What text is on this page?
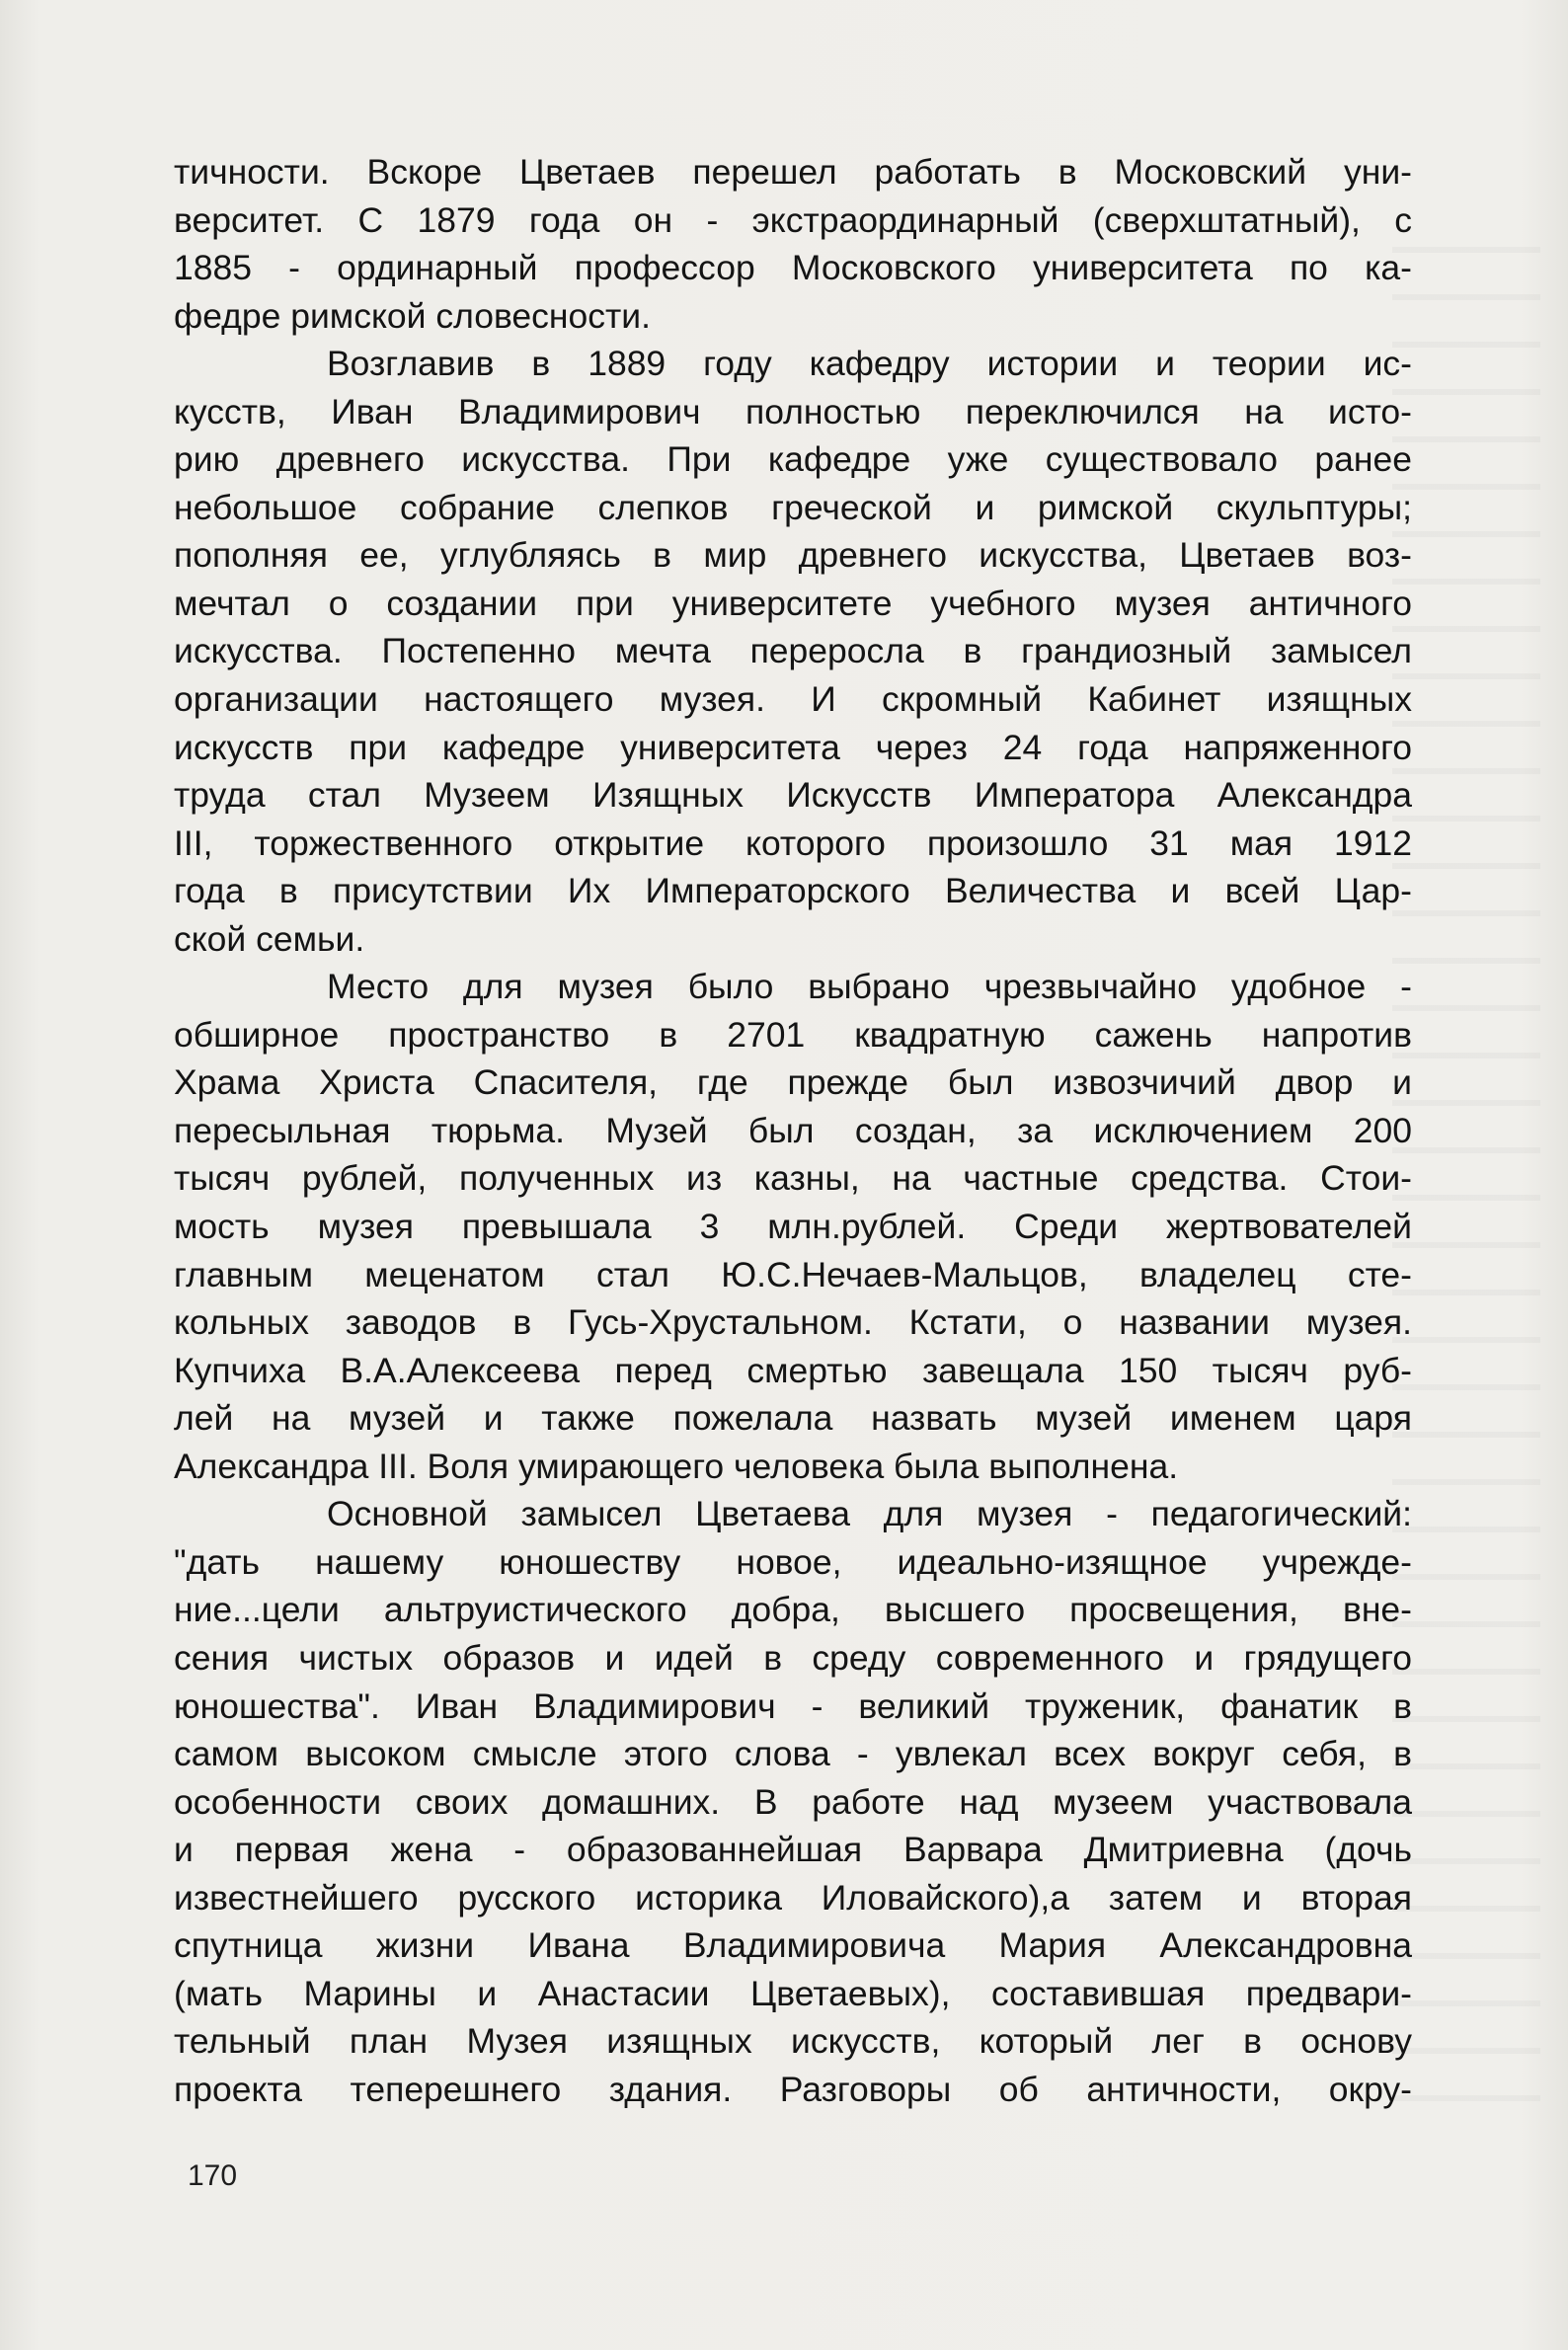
тичности. Вскоре Цветаев перешел работать в Московский уни-
верситет. С 1879 года он - экстраординарный (сверхштатный), с
1885 - ординарный профессор Московского университета по ка-
федре римской словесности.
Возглавив в 1889 году кафедру истории и теории ис-
кусств, Иван Владимирович полностью переключился на исто-
рию древнего искусства. При кафедре уже существовало ранее
небольшое собрание слепков греческой и римской скульптуры;
пополняя ее, углубляясь в мир древнего искусства, Цветаев воз-
мечтал о создании при университете учебного музея античного
искусства. Постепенно мечта переросла в грандиозный замысел
организации настоящего музея. И скромный Кабинет изящных
искусств при кафедре университета через 24 года напряженного
труда стал Музеем Изящных Искусств Императора Александра
III, торжественного открытие которого произошло 31 мая 1912
года в присутствии Их Императорского Величества и всей Цар-
ской семьи.
Место для музея было выбрано чрезвычайно удобное -
обширное пространство в 2701 квадратную сажень напротив
Храма Христа Спасителя, где прежде был извозчичий двор и
пересыльная тюрьма. Музей был создан, за исключением 200
тысяч рублей, полученных из казны, на частные средства. Стои-
мость музея превышала 3 млн.рублей. Среди жертвователей
главным меценатом стал Ю.С.Нечаев-Мальцов, владелец сте-
кольных заводов в Гусь-Хрустальном. Кстати, о названии музея.
Купчиха В.А.Алексеева перед смертью завещала 150 тысяч руб-
лей на музей и также пожелала назвать музей именем царя
Александра III. Воля умирающего человека была выполнена.
Основной замысел Цветаева для музея - педагогический:
"дать нашему юношеству новое, идеально-изящное учрежде-
ние...цели альтруистического добра, высшего просвещения, вне-
сения чистых образов и идей в среду современного и грядущего
юношества". Иван Владимирович - великий труженик, фанатик в
самом высоком смысле этого слова - увлекал всех вокруг себя, в
особенности своих домашних. В работе над музеем участвовала
и первая жена - образованнейшая Варвара Дмитриевна (дочь
известнейшего русского историка Иловайского),а затем и вторая
спутница жизни Ивана Владимировича Мария Александровна
(мать Марины и Анастасии Цветаевых), составившая предвари-
тельный план Музея изящных искусств, который лег в основу
проекта теперешнего здания. Разговоры об античности, окру-
170
